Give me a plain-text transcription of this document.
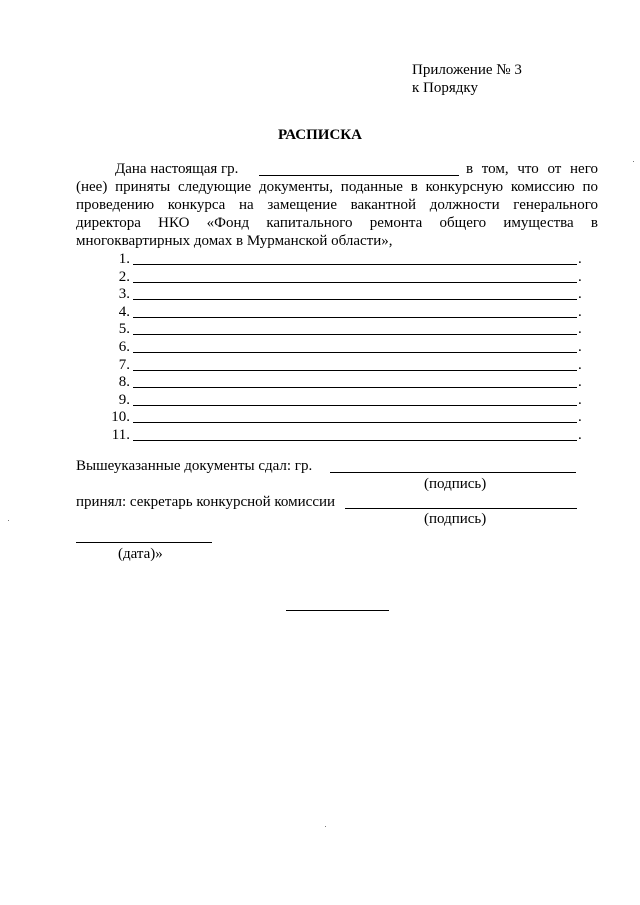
Приложение № 3
к Порядку
РАСПИСКА
Дана настоящая гр.	в том, что от него
(нее) приняты следующие документы, поданные в конкурсную комиссию по
проведению конкурса на замещение вакантной должности генерального
директора НКО «Фонд капитального ремонта общего имущества в
многоквартирных домах в Мурманской области»,
1.	.
2.	.
3.	.
4.	.
5.	.
6.	.
7.	.
8.	.
9.	.
10.	.
11.	.
Вышеуказанные документы сдал: гр.
(подпись)
принял: секретарь конкурсной комиссии
(подпись)
(дата)»
